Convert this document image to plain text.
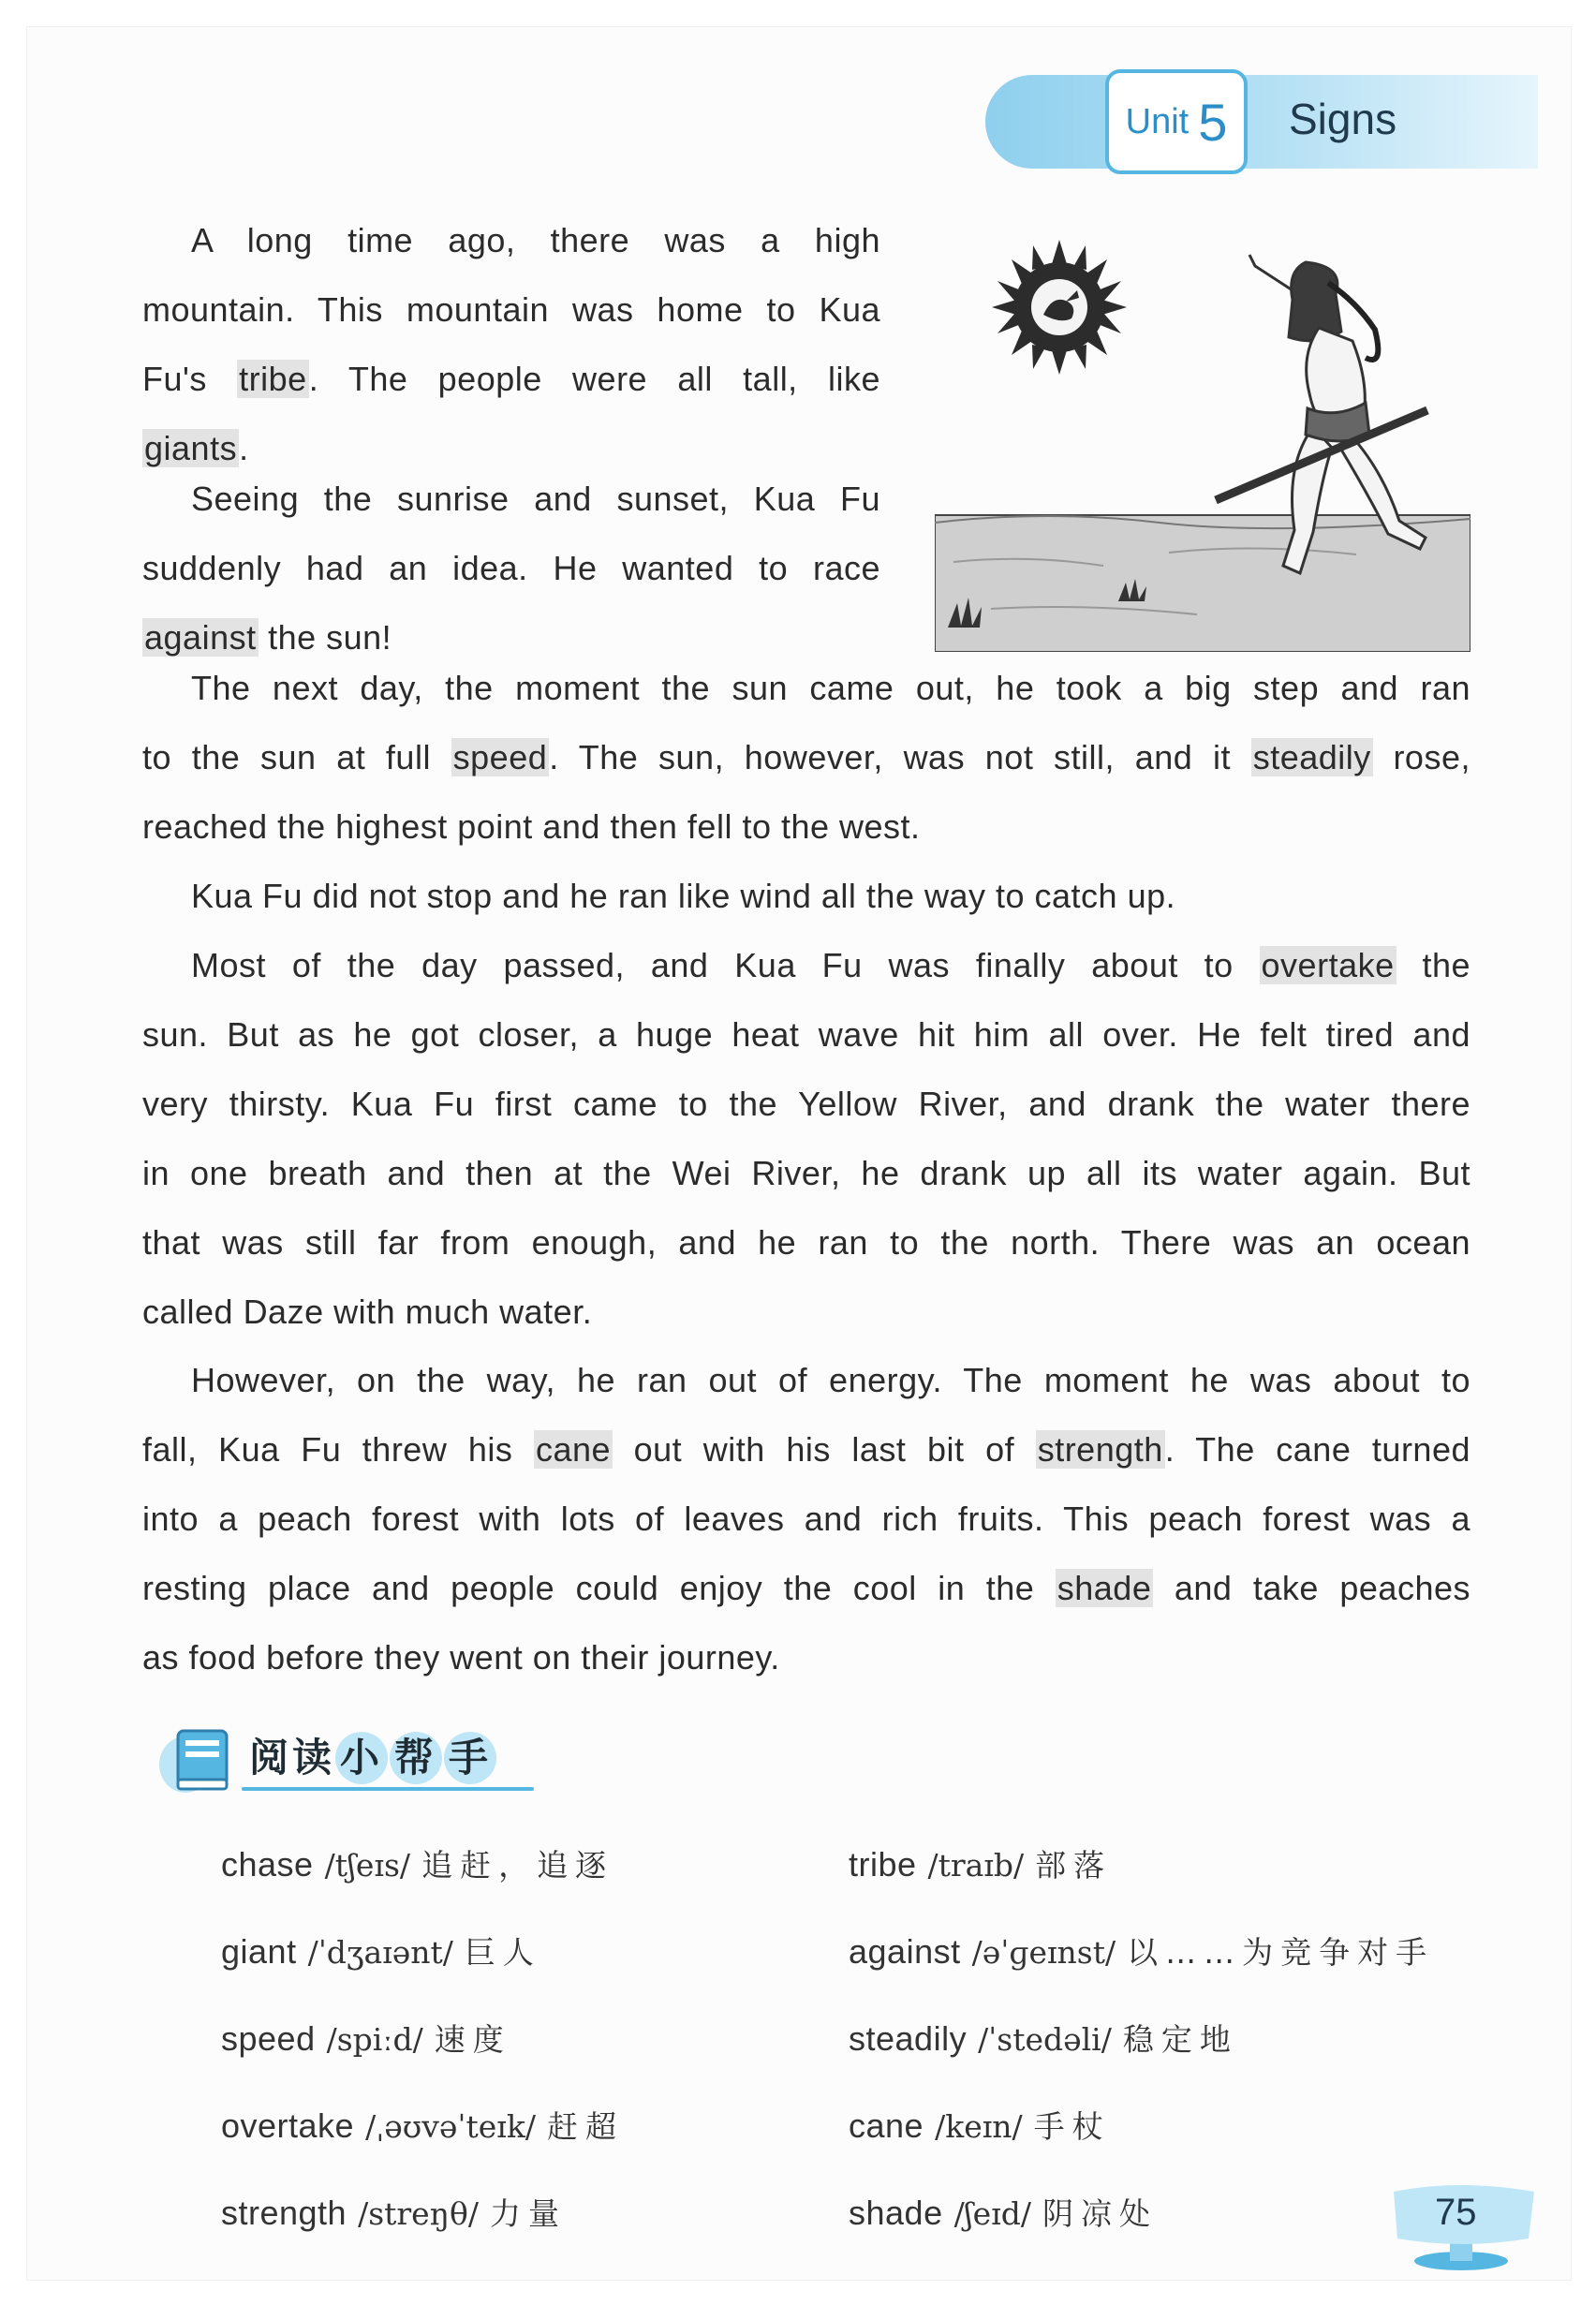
Unit 5 Signs
A long time ago, there was a high
mountain. This mountain was home to Kua
Fu's tribe. The people were all tall, like
giants.
Seeing the sunrise and sunset, Kua Fu
suddenly had an idea. He wanted to race
against the sun!
The next day, the moment the sun came out, he took a big step and ran
to the sun at full speed. The sun, however, was not still, and it steadily rose,
reached the highest point and then fell to the west.
Kua Fu did not stop and he ran like wind all the way to catch up.
Most of the day passed, and Kua Fu was finally about to overtake the
sun. But as he got closer, a huge heat wave hit him all over. He felt tired and
very thirsty. Kua Fu first came to the Yellow River, and drank the water there
in one breath and then at the Wei River, he drank up all its water again. But
that was still far from enough, and he ran to the north. There was an ocean
called Daze with much water.
However, on the way, he ran out of energy. The moment he was about to
fall, Kua Fu threw his cane out with his last bit of strength. The cane turned
into a peach forest with lots of leaves and rich fruits. This peach forest was a
resting place and people could enjoy the cool in the shade and take peaches
as food before they went on their journey.
阅读 小 帮 手
chase /tʃeɪs/ 追赶，追逐
giant /ˈdʒaɪənt/ 巨人
speed /spiːd/ 速度
overtake /ˌəʊvəˈteɪk/ 赶超
strength /streŋθ/ 力量
tribe /traɪb/ 部落
against /əˈɡeɪnst/ 以……为竞争对手
steadily /ˈstedəli/ 稳定地
cane /keɪn/ 手杖
shade /ʃeɪd/ 阴凉处	75
